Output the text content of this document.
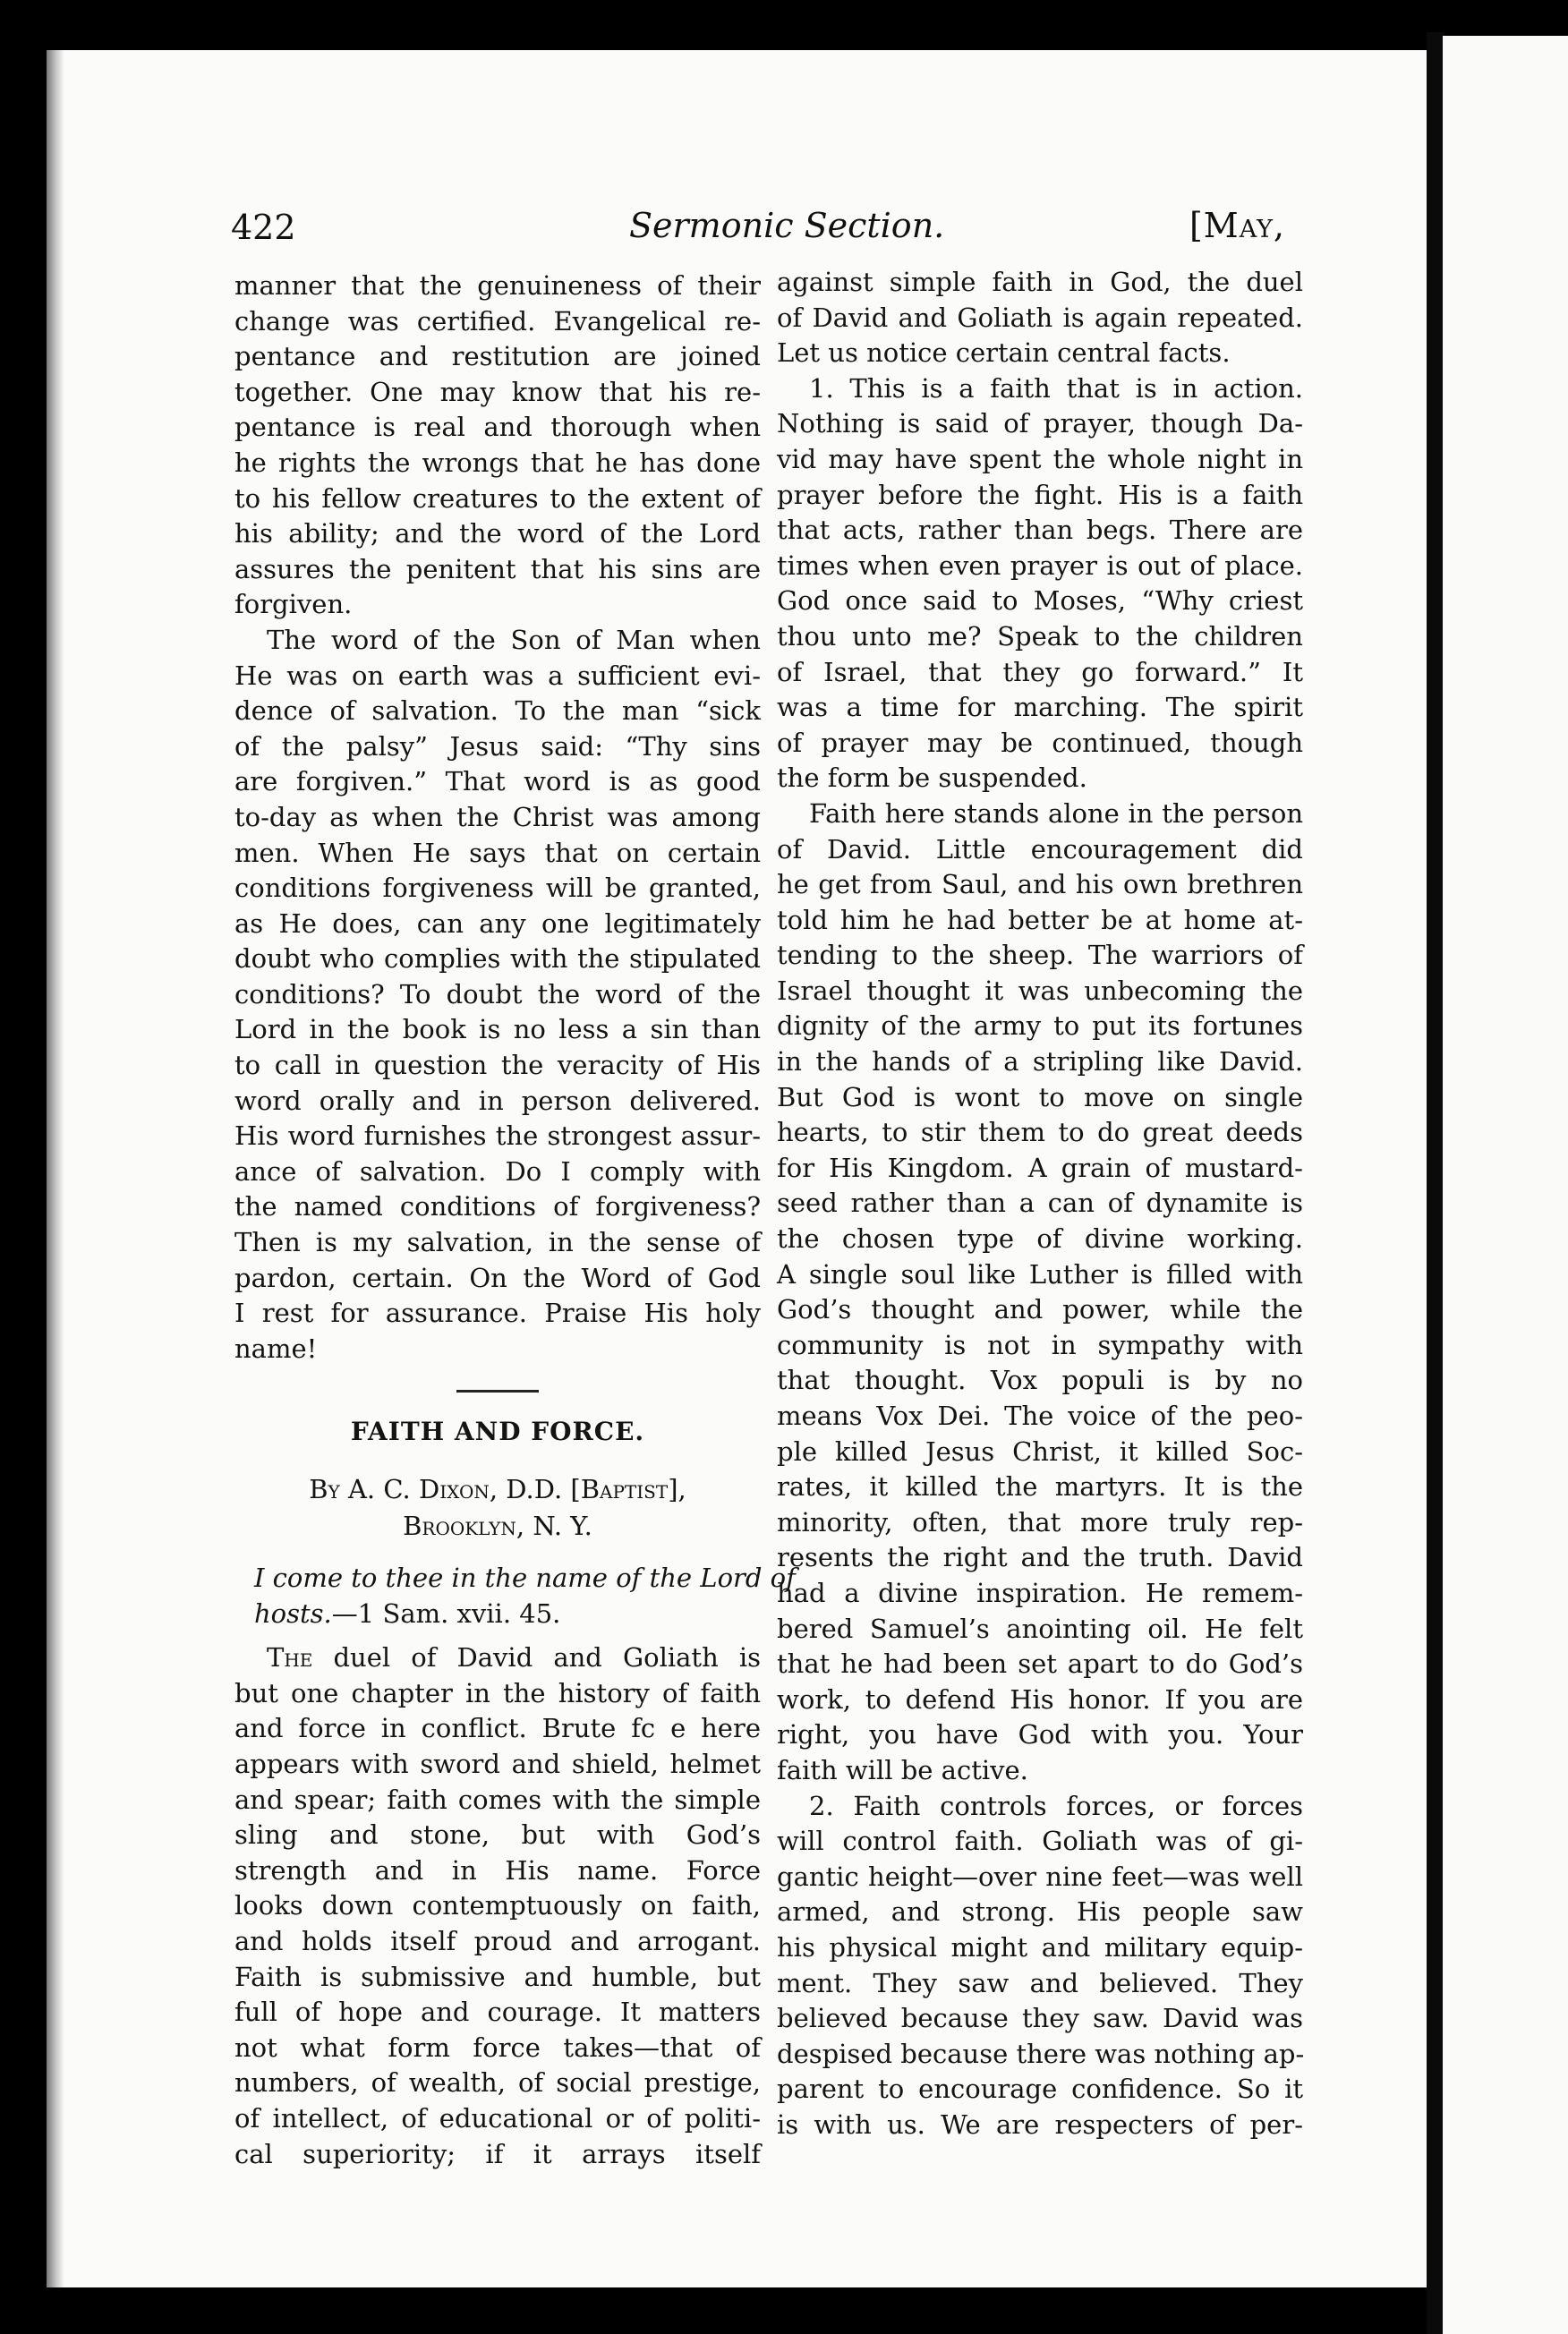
422	Sermonic Section.	[May,

manner that the genuineness of their
change was certified. Evangelical re-
pentance and restitution are joined
together. One may know that his re-
pentance is real and thorough when
he rights the wrongs that he has done
to his fellow creatures to the extent of
his ability; and the word of the Lord
assures the penitent that his sins are
forgiven.

The word of the Son of Man when
He was on earth was a sufficient evi-
dence of salvation. To the man “sick
of the palsy” Jesus said: “Thy sins
are forgiven.” That word is as good
to-day as when the Christ was among
men. When He says that on certain
conditions forgiveness will be granted,
as He does, can any one legitimately
doubt who complies with the stipulated
conditions? To doubt the word of the
Lord in the book is no less a sin than
to call in question the veracity of His
word orally and in person delivered.
His word furnishes the strongest assur-
ance of salvation. Do I comply with
the named conditions of forgiveness?
Then is my salvation, in the sense of
pardon, certain. On the Word of God
I rest for assurance. Praise His holy
name!

FAITH AND FORCE.
By A. C. Dixon, D.D. [Baptist],
Brooklyn, N. Y.
I come to thee in the name of the Lord of
hosts.—1 Sam. xvii. 45.

The duel of David and Goliath is
but one chapter in the history of faith
and force in conflict. Brute fc e here
appears with sword and shield, helmet
and spear; faith comes with the simple
sling and stone, but with God’s
strength and in His name. Force
looks down contemptuously on faith,
and holds itself proud and arrogant.
Faith is submissive and humble, but
full of hope and courage. It matters
not what form force takes—that of
numbers, of wealth, of social prestige,
of intellect, of educational or of politi-
cal superiority; if it arrays itself

against simple faith in God, the duel
of David and Goliath is again repeated.
Let us notice certain central facts.

1. This is a faith that is in action.
Nothing is said of prayer, though Da-
vid may have spent the whole night in
prayer before the fight. His is a faith
that acts, rather than begs. There are
times when even prayer is out of place.
God once said to Moses, “Why criest
thou unto me? Speak to the children
of Israel, that they go forward.” It
was a time for marching. The spirit
of prayer may be continued, though
the form be suspended.

Faith here stands alone in the person
of David. Little encouragement did
he get from Saul, and his own brethren
told him he had better be at home at-
tending to the sheep. The warriors of
Israel thought it was unbecoming the
dignity of the army to put its fortunes
in the hands of a stripling like David.
But God is wont to move on single
hearts, to stir them to do great deeds
for His Kingdom. A grain of mustard-
seed rather than a can of dynamite is
the chosen type of divine working.
A single soul like Luther is filled with
God’s thought and power, while the
community is not in sympathy with
that thought. Vox populi is by no
means Vox Dei. The voice of the peo-
ple killed Jesus Christ, it killed Soc-
rates, it killed the martyrs. It is the
minority, often, that more truly rep-
resents the right and the truth. David
had a divine inspiration. He remem-
bered Samuel’s anointing oil. He felt
that he had been set apart to do God’s
work, to defend His honor. If you are
right, you have God with you. Your
faith will be active.

2. Faith controls forces, or forces
will control faith. Goliath was of gi-
gantic height—over nine feet—was well
armed, and strong. His people saw
his physical might and military equip-
ment. They saw and believed. They
believed because they saw. David was
despised because there was nothing ap-
parent to encourage confidence. So it
is with us. We are respecters of per-
